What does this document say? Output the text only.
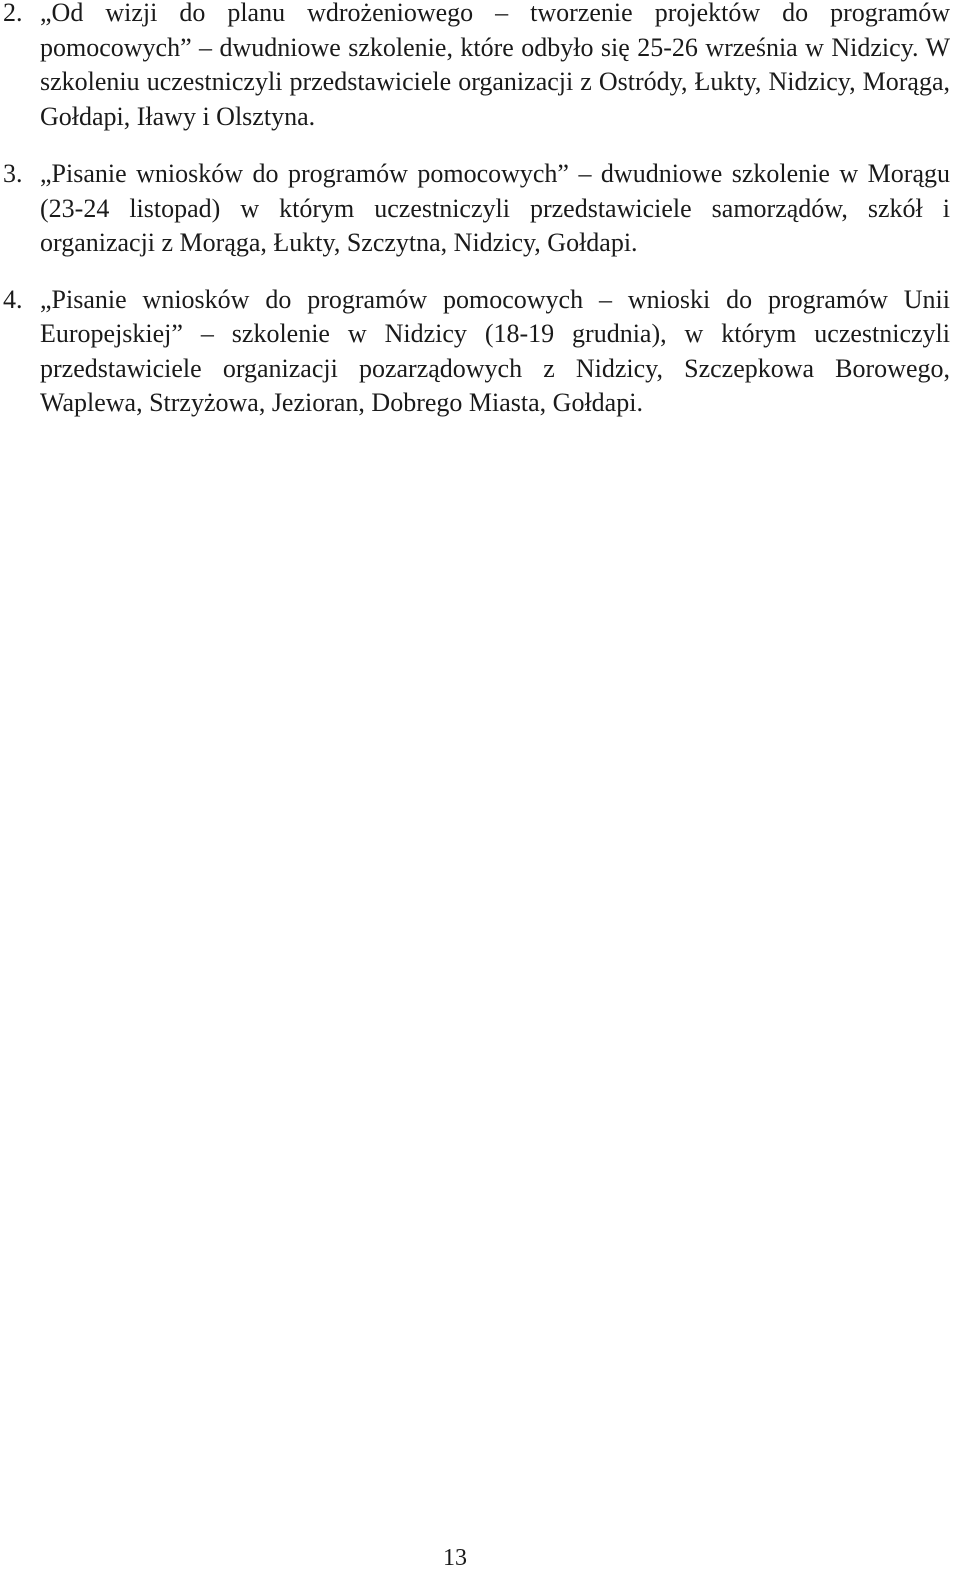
2. „Od wizji do planu wdrożeniowego – tworzenie projektów do programów pomocowych” – dwudniowe szkolenie, które odbyło się 25-26 września w Nidzicy. W szkoleniu uczestniczyli przedstawiciele organizacji z Ostródy, Łukty, Nidzicy, Morąga, Gołdapi, Iławy i Olsztyna.

3. „Pisanie wniosków do programów pomocowych” – dwudniowe szkolenie w Morągu (23-24 listopad) w którym uczestniczyli przedstawiciele samorządów, szkół i organizacji z Morąga, Łukty, Szczytna, Nidzicy, Gołdapi.

4. „Pisanie wniosków do programów pomocowych – wnioski do programów Unii Europejskiej” – szkolenie w Nidzicy (18-19 grudnia), w którym uczestniczyli przedstawiciele organizacji pozarządowych z Nidzicy, Szczepkowa Borowego, Waplewa, Strzyżowa, Jezioran, Dobrego Miasta, Gołdapi.

13
